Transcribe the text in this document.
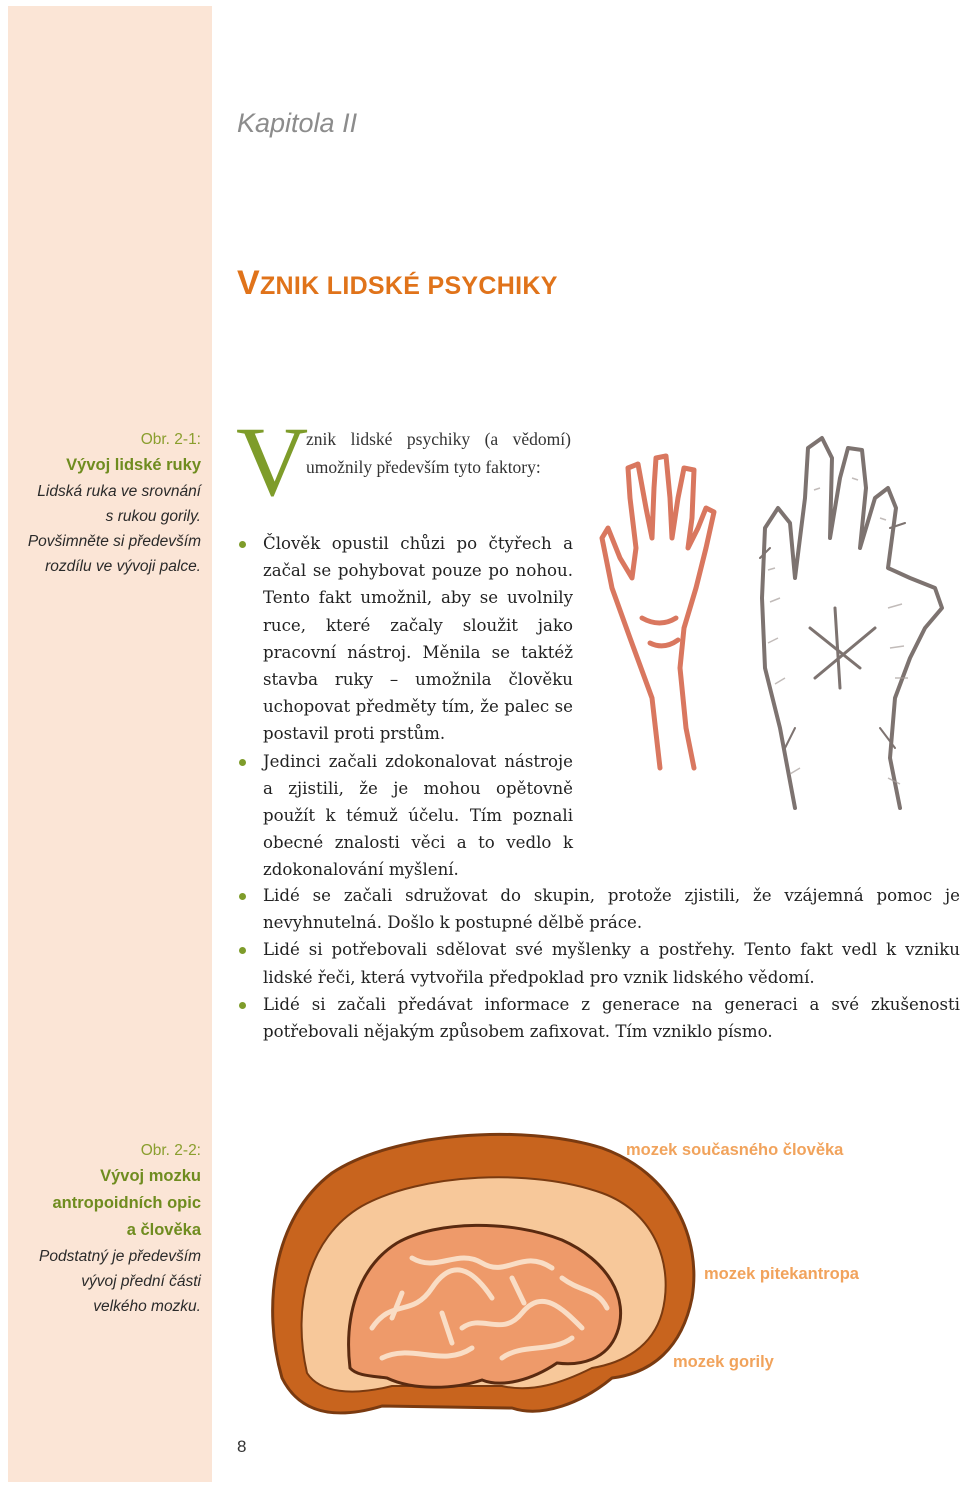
Kapitola II
VZNIK LIDSKÉ PSYCHIKY
Obr. 2-1:
Vývoj lidské ruky
Lidská ruka ve srovnání
s rukou gorily.
Povšimněte si především
rozdílu ve vývoji palce.
V
znik lidské psychiky (a vědomí) umožnily především tyto faktory:
Člověk opustil chůzi po čtyřech a začal se pohybovat pouze po nohou. Tento fakt umožnil, aby se uvolnily ruce, které začaly sloužit jako pracovní nástroj. Měnila se taktéž stavba ruky – umožnila člověku uchopovat předměty tím, že palec se postavil proti prstům.
Jedinci začali zdokonalovat nástroje a zjistili, že je mohou opětovně použít k témuž účelu. Tím poznali obecné znalosti věci a to vedlo k zdokonalování myšlení.
Lidé se začali sdružovat do skupin, protože zjistili, že vzájemná pomoc je nevyhnutelná. Došlo k postupné dělbě práce.
Lidé si potřebovali sdělovat své myšlenky a postřehy. Tento fakt vedl k vzniku lidské řeči, která vytvořila předpoklad pro vznik lidského vědomí.
Lidé si začali předávat informace z generace na generaci a své zkušenosti potřebovali nějakým způsobem zafixovat. Tím vzniklo písmo.
Obr. 2-2:
Vývoj mozku
antropoidních opic
a člověka
Podstatný je především
vývoj přední části
velkého mozku.
mozek současného člověka
mozek pitekantropa
mozek gorily
8
